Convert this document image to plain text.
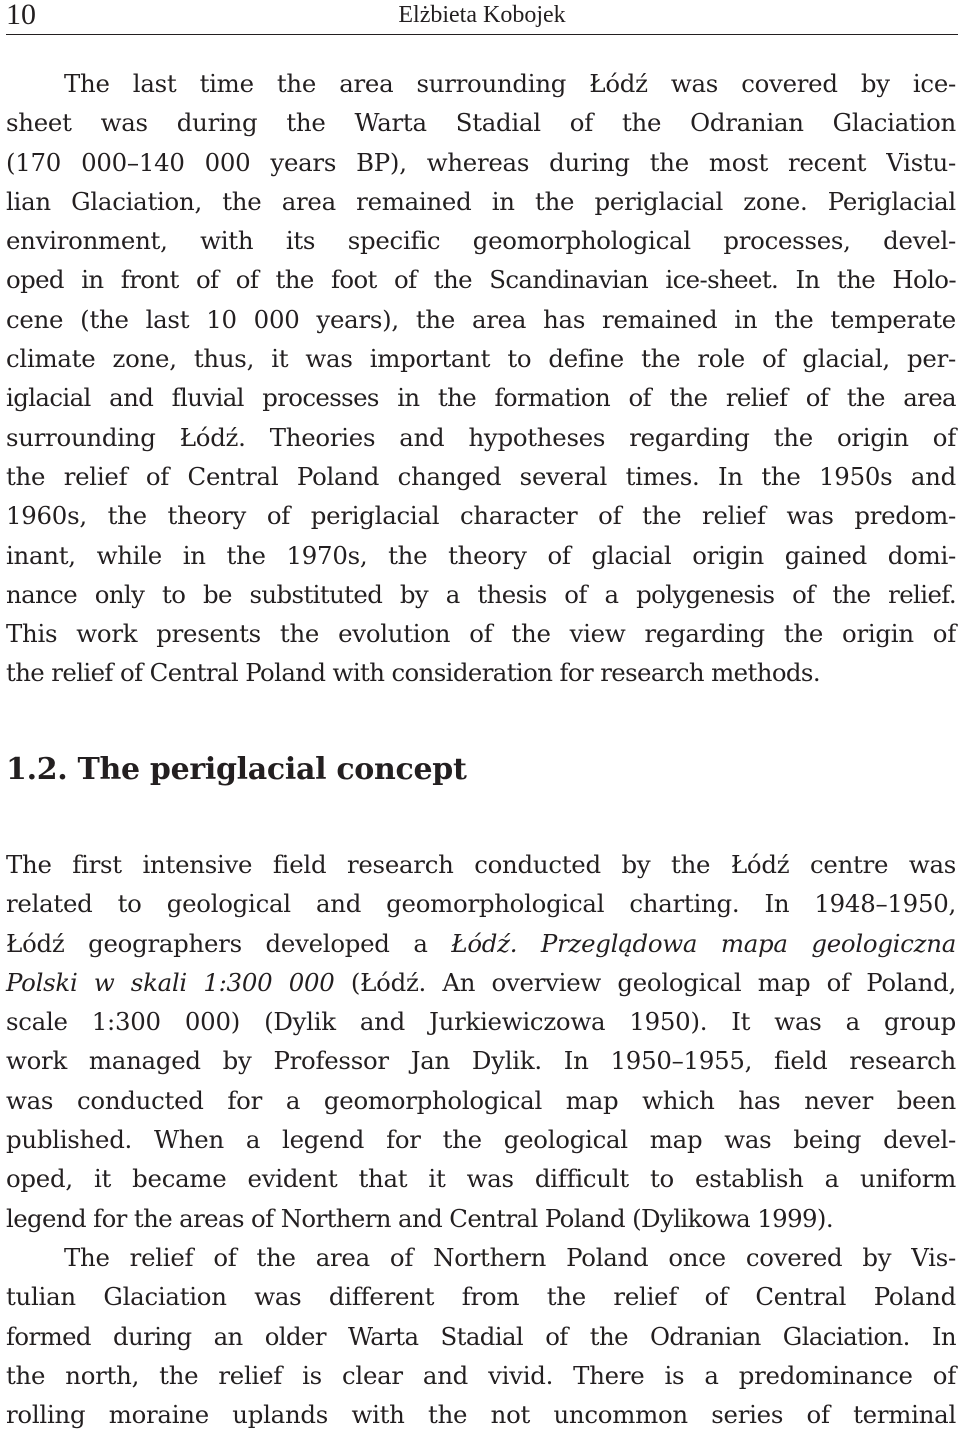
10	Elżbieta Kobojek
The last time the area surrounding Łódź was covered by ice-
sheet was during the Warta Stadial of the Odranian Glaciation
(170 000–140 000 years BP), whereas during the most recent Vistu-
lian Glaciation, the area remained in the periglacial zone. Periglacial
environment, with its specific geomorphological processes, devel-
oped in front of of the foot of the Scandinavian ice-sheet. In the Holo-
cene (the last 10 000 years), the area has remained in the temperate
climate zone, thus, it was important to define the role of glacial, per-
iglacial and fluvial processes in the formation of the relief of the area
surrounding Łódź. Theories and hypotheses regarding the origin of
the relief of Central Poland changed several times. In the 1950s and
1960s, the theory of periglacial character of the relief was predom-
inant, while in the 1970s, the theory of glacial origin gained domi-
nance only to be substituted by a thesis of a polygenesis of the relief.
This work presents the evolution of the view regarding the origin of
the relief of Central Poland with consideration for research methods.
1.2. The periglacial concept
The first intensive field research conducted by the Łódź centre was
related to geological and geomorphological charting. In 1948–1950,
Łódź geographers developed a Łódź. Przeglądowa mapa geologiczna
Polski w skali 1:300 000 (Łódź. An overview geological map of Poland,
scale 1:300 000) (Dylik and Jurkiewiczowa 1950). It was a group
work managed by Professor Jan Dylik. In 1950–1955, field research
was conducted for a geomorphological map which has never been
published. When a legend for the geological map was being devel-
oped, it became evident that it was difficult to establish a uniform
legend for the areas of Northern and Central Poland (Dylikowa 1999).
The relief of the area of Northern Poland once covered by Vis-
tulian Glaciation was different from the relief of Central Poland
formed during an older Warta Stadial of the Odranian Glaciation. In
the north, the relief is clear and vivid. There is a predominance of
rolling moraine uplands with the not uncommon series of terminal
